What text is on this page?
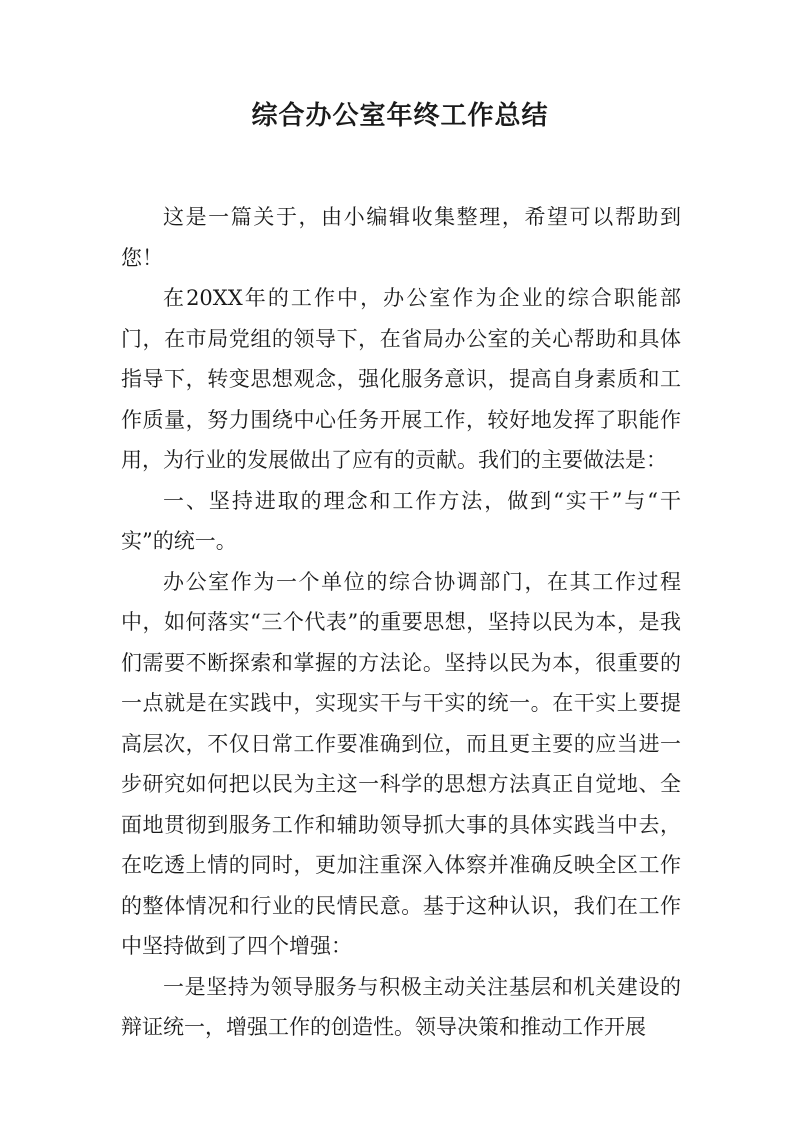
综合办公室年终工作总结

这是一篇关于，由小编辑收集整理，希望可以帮助到您！

在20XX年的工作中，办公室作为企业的综合职能部门，在市局党组的领导下，在省局办公室的关心帮助和具体指导下，转变思想观念，强化服务意识，提高自身素质和工作质量，努力围绕中心任务开展工作，较好地发挥了职能作用，为行业的发展做出了应有的贡献。我们的主要做法是：

一、坚持进取的理念和工作方法，做到“实干”与“干实”的统一。

办公室作为一个单位的综合协调部门，在其工作过程中，如何落实“三个代表”的重要思想，坚持以民为本，是我们需要不断探索和掌握的方法论。坚持以民为本，很重要的一点就是在实践中，实现实干与干实的统一。在干实上要提高层次，不仅日常工作要准确到位，而且更主要的应当进一步研究如何把以民为主这一科学的思想方法真正自觉地、全面地贯彻到服务工作和辅助领导抓大事的具体实践当中去，在吃透上情的同时，更加注重深入体察并准确反映全区工作的整体情况和行业的民情民意。基于这种认识，我们在工作中坚持做到了四个增强：

一是坚持为领导服务与积极主动关注基层和机关建设的辩证统一，增强工作的创造性。领导决策和推动工作开展
